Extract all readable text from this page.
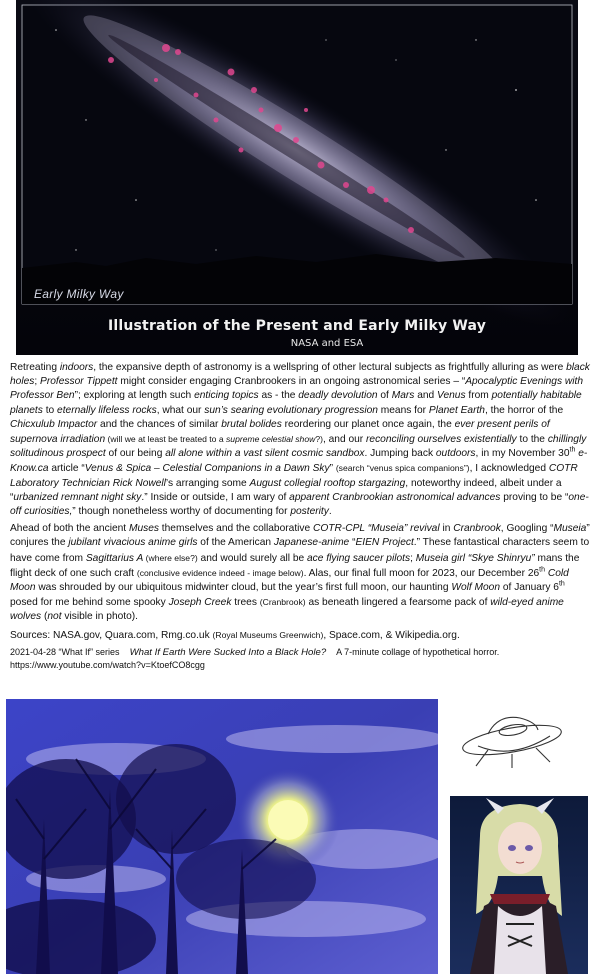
Early Milky Way
Illustration of the Present and Early Milky Way
NASA and ESA

Retreating indoors, the expansive depth of astronomy is a wellspring of other lectural subjects as frightfully alluring as were black holes; Professor Tippett might consider engaging Cranbrookers in an ongoing astronomical series – “Apocalyptic Evenings with Professor Ben”; exploring at length such enticing topics as - the deadly devolution of Mars and Venus from potentially habitable planets to eternally lifeless rocks, what our sun’s searing evolutionary progression means for Planet Earth, the horror of the Chicxulub Impactor and the chances of similar brutal bolides reordering our planet once again, the ever present perils of supernova irradiation (will we at least be treated to a supreme celestial show?), and our reconciling ourselves existentially to the chillingly solitudinous prospect of our being all alone within a vast silent cosmic sandbox. Jumping back outdoors, in my November 30th e-Know.ca article “Venus & Spica – Celestial Companions in a Dawn Sky” (search “venus spica companions”), I acknowledged COTR Laboratory Technician Rick Nowell’s arranging some August collegial rooftop stargazing, noteworthy indeed, albeit under a “urbanized remnant night sky.” Inside or outside, I am wary of apparent Cranbrookian astronomical advances proving to be “one-off curiosities,” though nonetheless worthy of documenting for posterity.

Ahead of both the ancient Muses themselves and the collaborative COTR-CPL “Museia” revival in Cranbrook, Googling “Museia” conjures the jubilant vivacious anime girls of the American Japanese-anime “EIEN Project.” These fantastical characters seem to have come from Sagittarius A (where else?) and would surely all be ace flying saucer pilots; Museia girl “Skye Shinryu” mans the flight deck of one such craft (conclusive evidence indeed - image below). Alas, our final full moon for 2023, our December 26th Cold Moon was shrouded by our ubiquitous midwinter cloud, but the year’s first full moon, our haunting Wolf Moon of January 6th posed for me behind some spooky Joseph Creek trees (Cranbrook) as beneath lingered a fearsome pack of wild-eyed anime wolves (not visible in photo).

Sources: NASA.gov, Quara.com, Rmg.co.uk (Royal Museums Greenwich), Space.com, & Wikipedia.org.

2021-04-28 “What If” series What If Earth Were Sucked Into a Black Hole? A 7-minute collage of hypothetical horror.
https://www.youtube.com/watch?v=KtoefCO8cgg
